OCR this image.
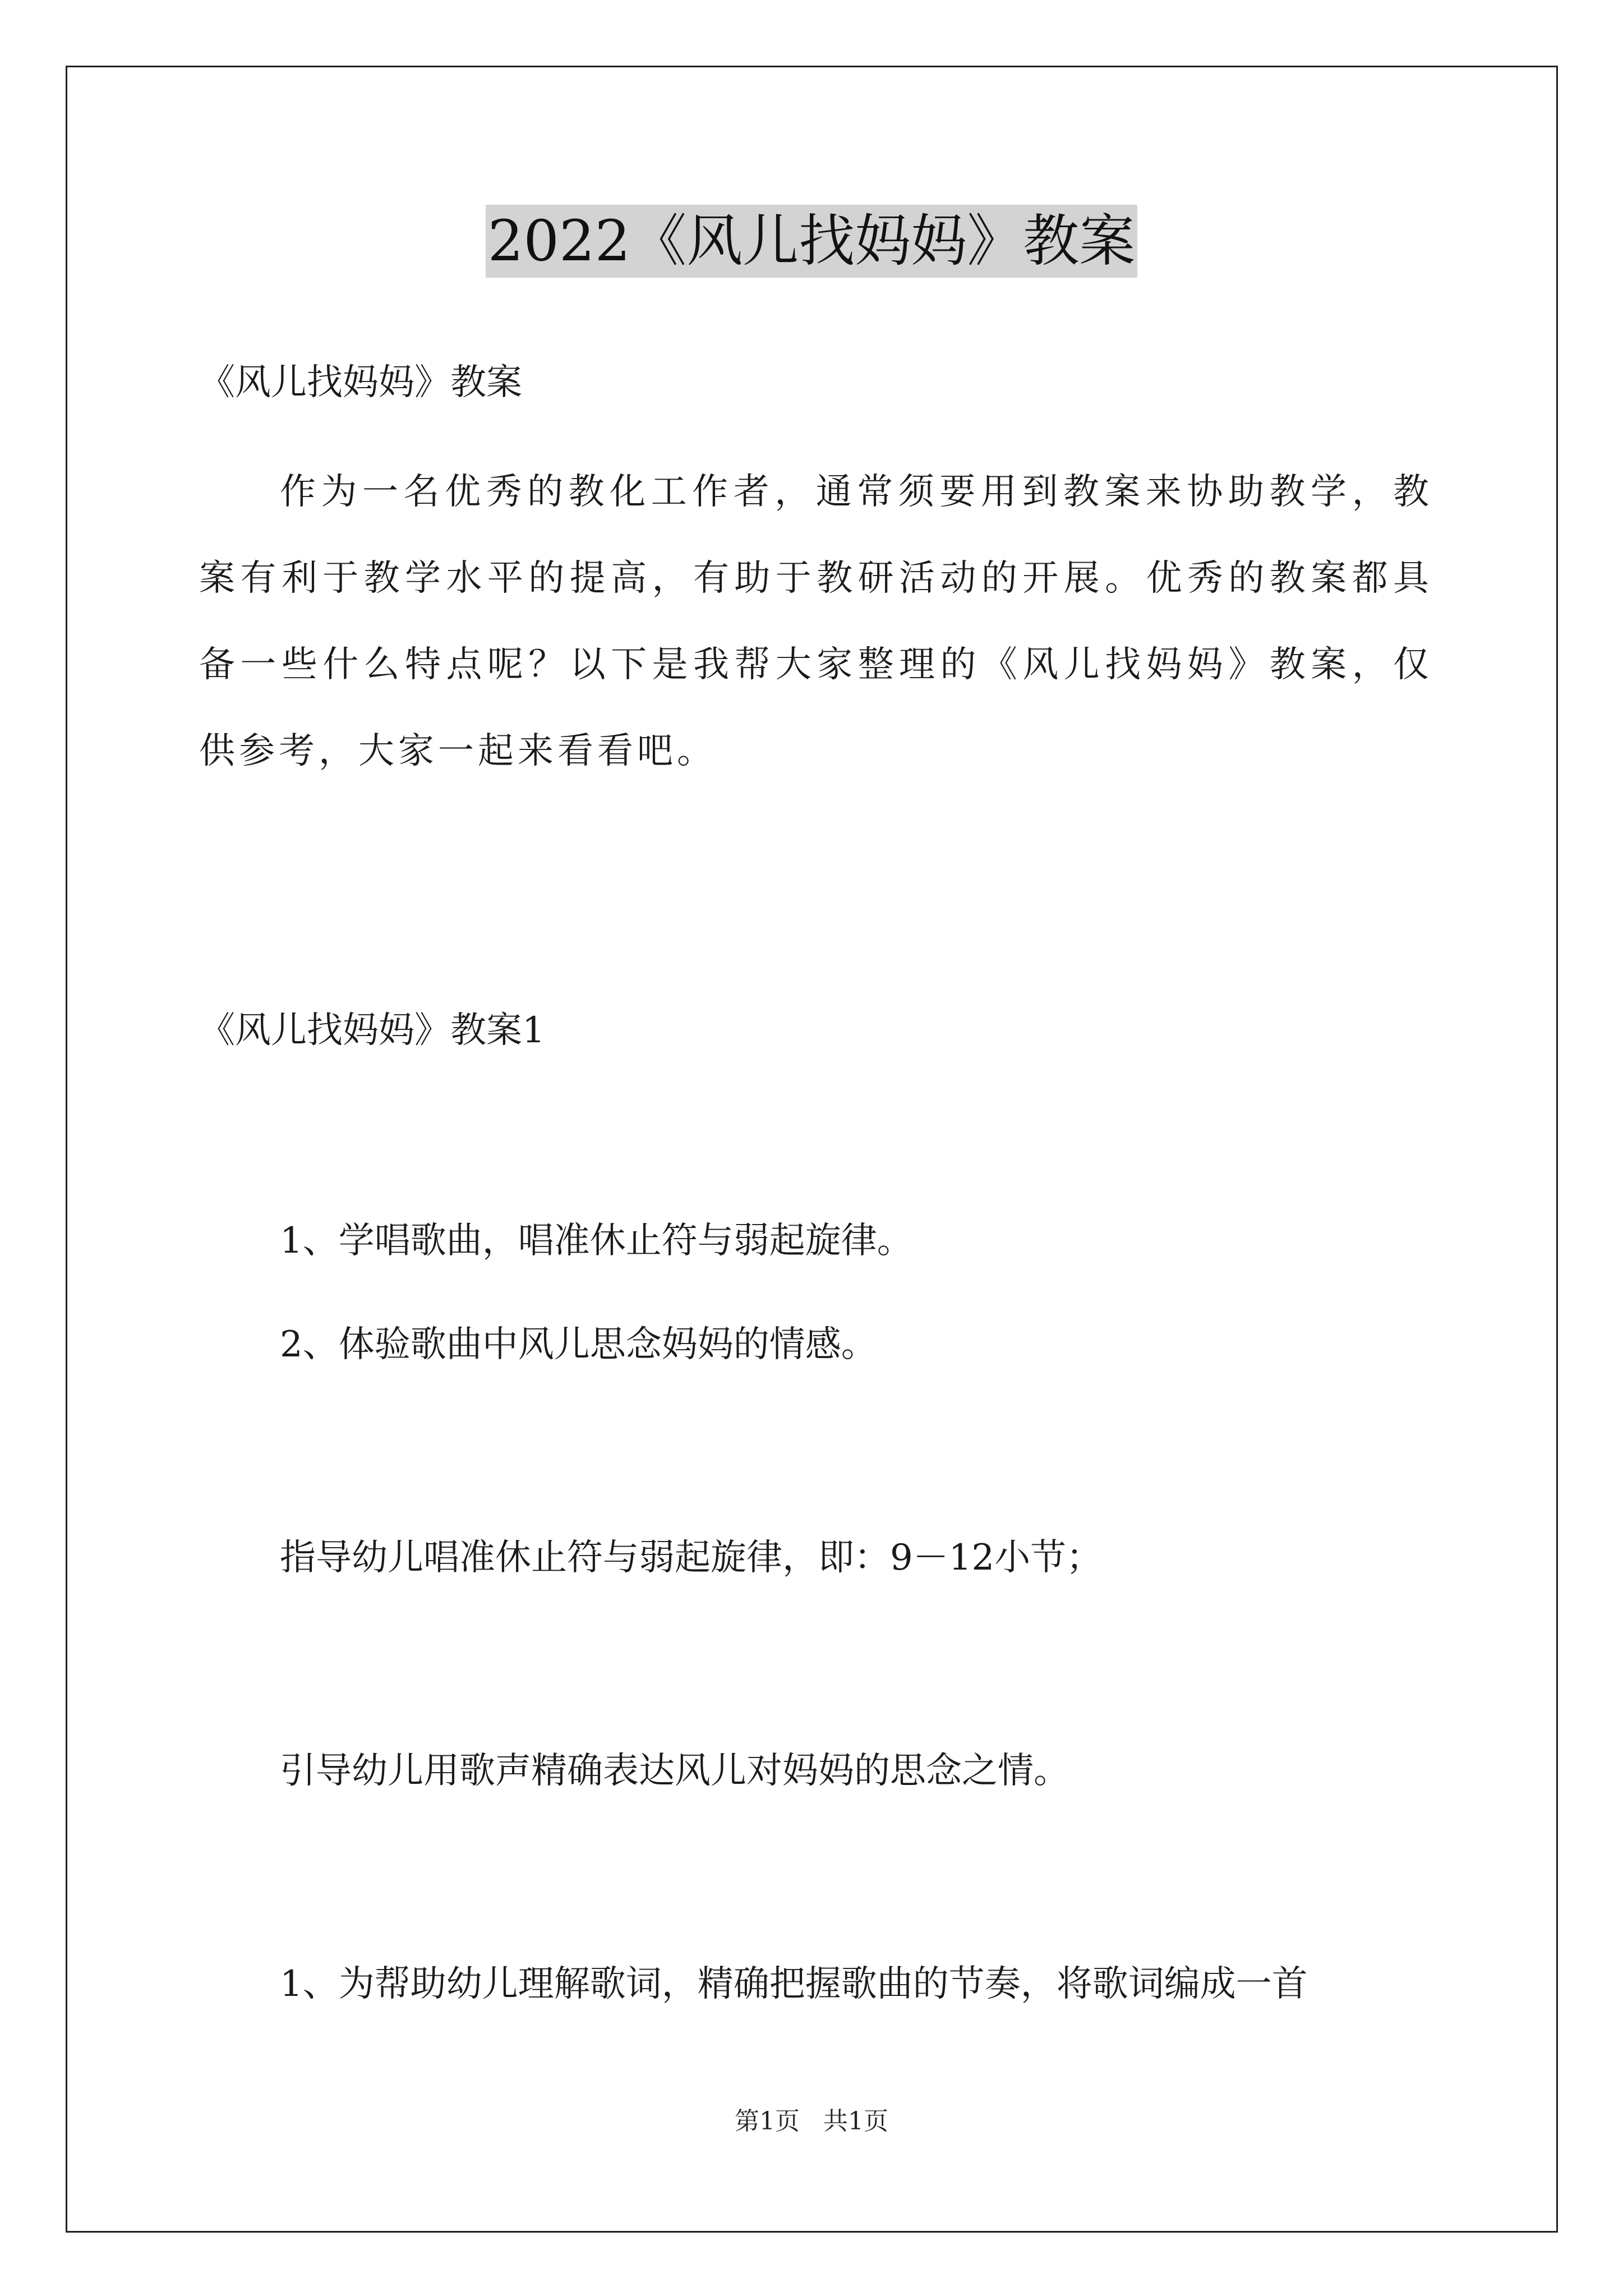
2022《风儿找妈妈》教案
《风儿找妈妈》教案
作为一名优秀的教化工作者，通常须要用到教案来协助教学，教案有利于教学水平的提高，有助于教研活动的开展。优秀的教案都具备一些什么特点呢？以下是我帮大家整理的《风儿找妈妈》教案，仅供参考，大家一起来看看吧。
《风儿找妈妈》教案1
1、学唱歌曲，唱准休止符与弱起旋律。
2、体验歌曲中风儿思念妈妈的情感。
指导幼儿唱准休止符与弱起旋律，即：9－12小节；
引导幼儿用歌声精确表达风儿对妈妈的思念之情。
1、为帮助幼儿理解歌词，精确把握歌曲的节奏，将歌词编成一首
第1页   共1页
